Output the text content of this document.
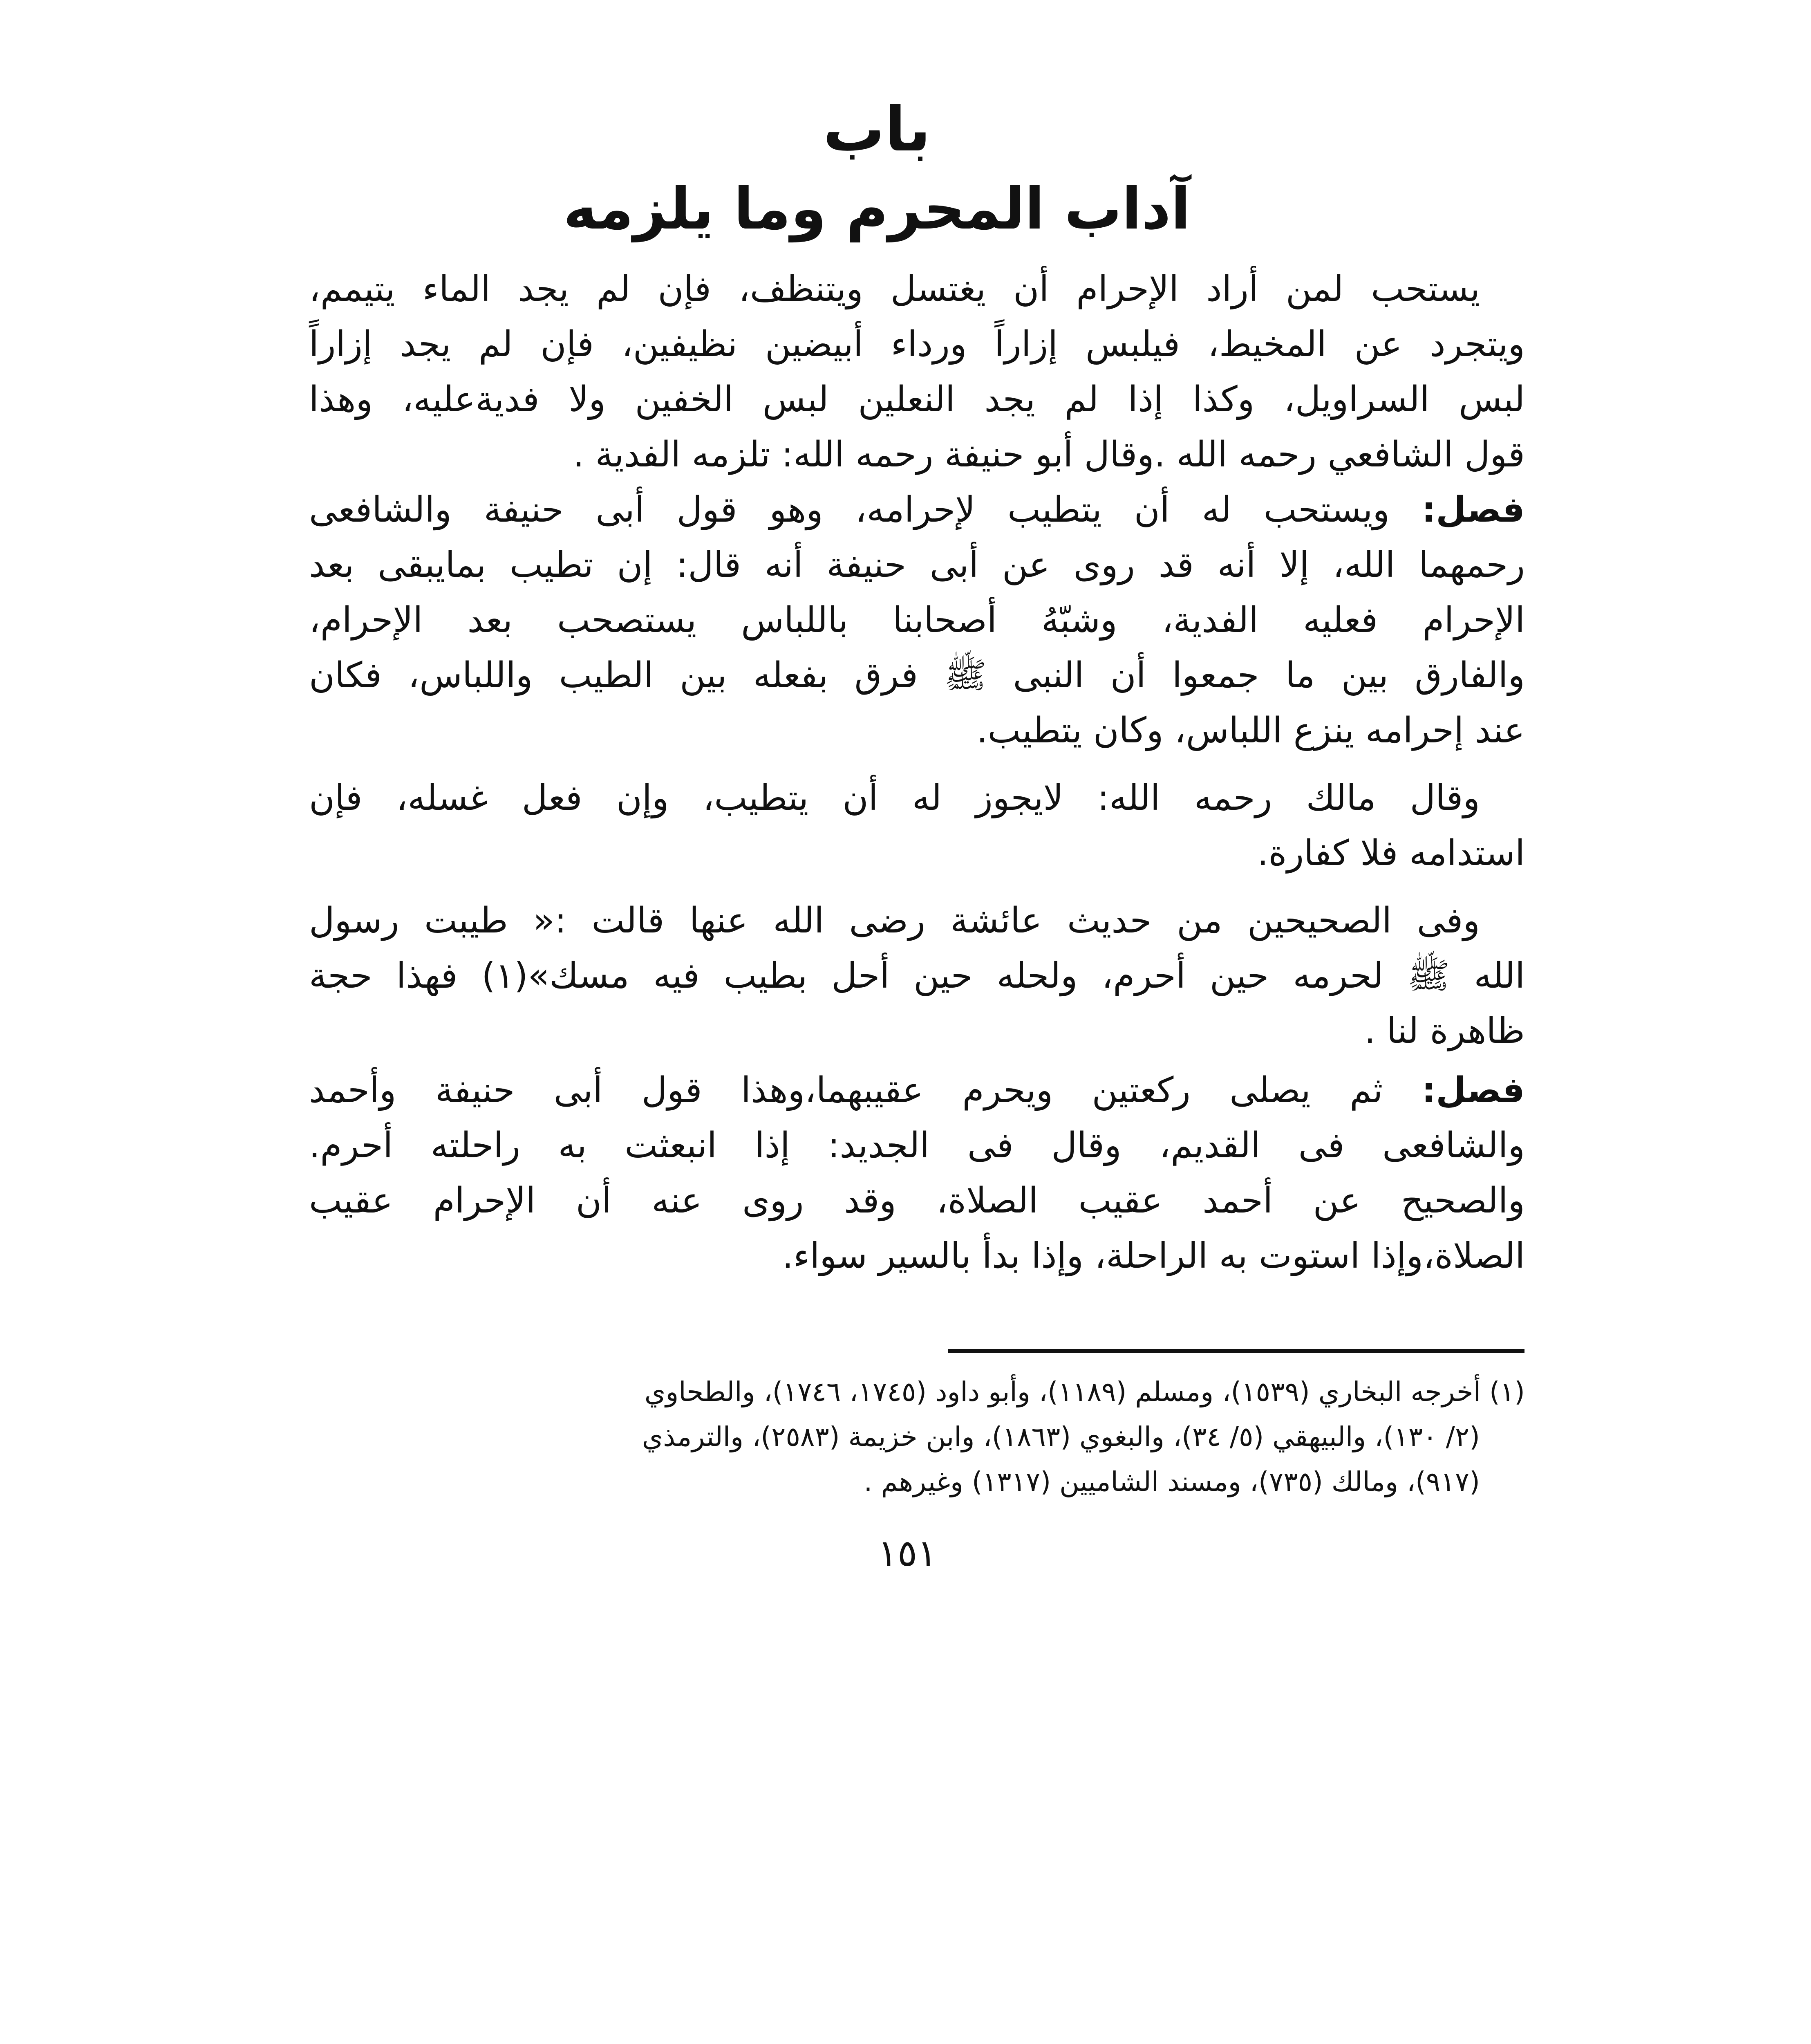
باب
آداب المحرم وما يلزمه
يستحب لمن أراد الإحرام أن يغتسل ويتنظف، فإن لم يجد الماء يتيمم،
ويتجرد عن المخيط، فيلبس إزاراً ورداء أبيضين نظيفين، فإن لم يجد إزاراً
لبس السراويل، وكذا إذا لم يجد النعلين لبس الخفين ولا فديةعليه، وهذا
قول الشافعي رحمه الله .وقال أبو حنيفة رحمه الله: تلزمه الفدية .
فصل: ويستحب له أن يتطيب لإحرامه، وهو قول أبى حنيفة والشافعى
رحمهما الله، إلا أنه قد روى عن أبى حنيفة أنه قال: إن تطيب بمايبقى بعد
الإحرام فعليه الفدية، وشبّهُ أصحابنا باللباس يستصحب بعد الإحرام،
والفارق بين ما جمعوا أن النبى ﷺ فرق بفعله بين الطيب واللباس، فكان
عند إحرامه ينزع اللباس، وكان يتطيب.
وقال مالك رحمه الله: لايجوز له أن يتطيب، وإن فعل غسله، فإن
استدامه فلا كفارة.
وفى الصحيحين من حديث عائشة رضى الله عنها قالت :« طيبت رسول
الله ﷺ لحرمه حين أحرم، ولحله حين أحل بطيب فيه مسك»(١) فهذا حجة
ظاهرة لنا .
فصل: ثم يصلى ركعتين ويحرم عقيبهما،وهذا قول أبى حنيفة وأحمد
والشافعى فى القديم، وقال فى الجديد: إذا انبعثت به راحلته أحرم.
والصحيح عن أحمد عقيب الصلاة، وقد روى عنه أن الإحرام عقيب
الصلاة،وإذا استوت به الراحلة، وإذا بدأ بالسير سواء.
(١) أخرجه البخاري (١٥٣٩)، ومسلم (١١٨٩)، وأبو داود (١٧٤٥، ١٧٤٦)، والطحاوي
(٢/ ١٣٠)، والبيهقي (٥/ ٣٤)، والبغوي (١٨٦٣)، وابن خزيمة (٢٥٨٣)، والترمذي
(٩١٧)، ومالك (٧٣٥)، ومسند الشاميين (١٣١٧) وغيرهم .
١٥١
